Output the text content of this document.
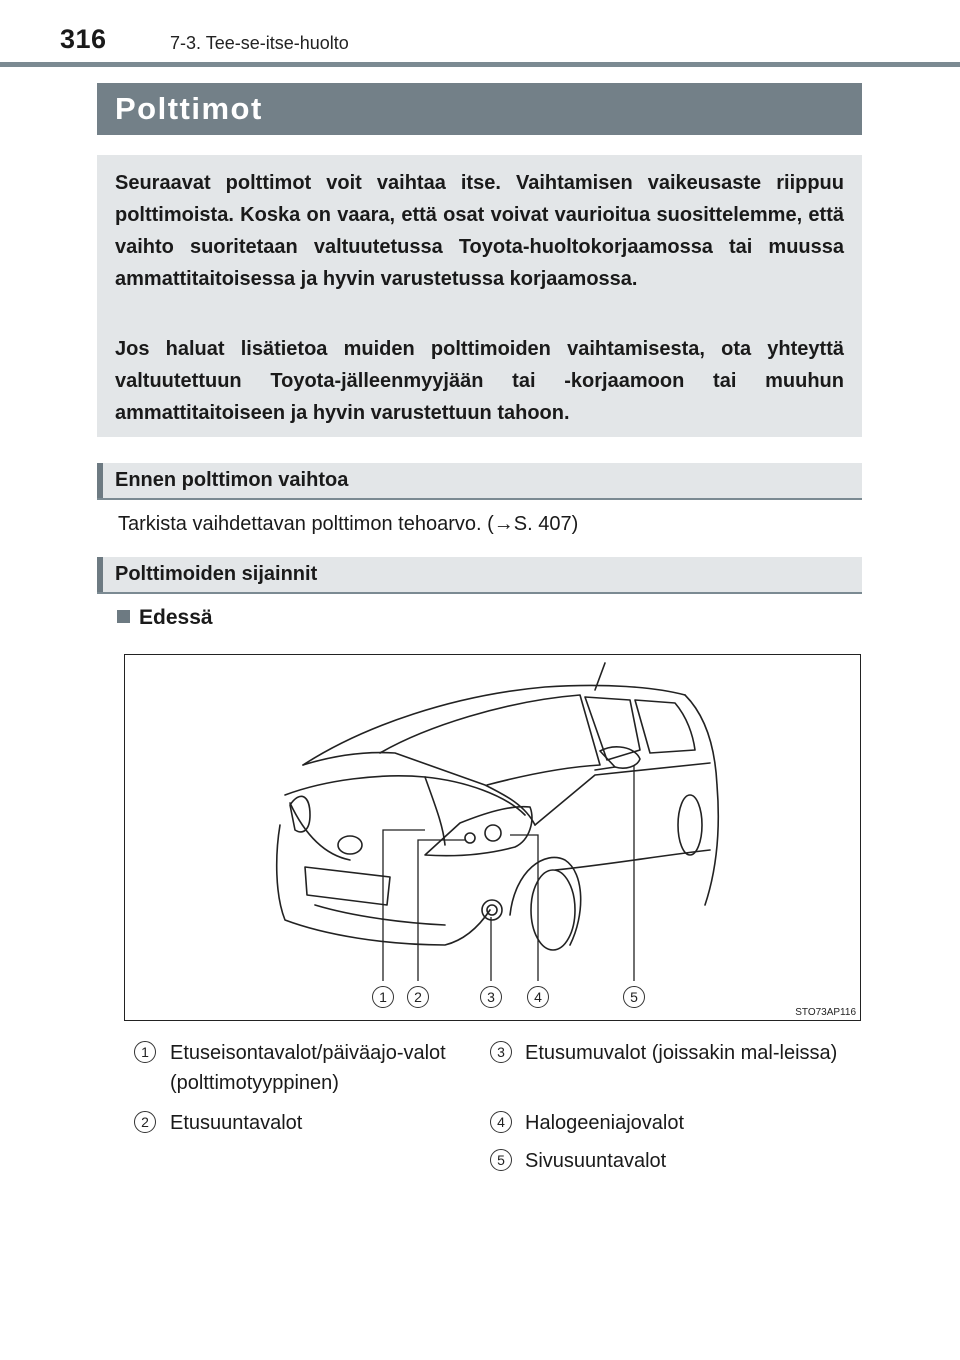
316	7-3. Tee-se-itse-huolto
Polttimot

Seuraavat polttimot voit vaihtaa itse. Vaihtamisen vaikeusaste riippuu polttimoista. Koska on vaara, että osat voivat vaurioitua suosittelemme, että vaihto suoritetaan valtuutetussa Toyota-huoltokorjaamossa tai muussa ammattitaitoisessa ja hyvin varustetussa korjaamossa.

Jos haluat lisätietoa muiden polttimoiden vaihtamisesta, ota yhteyttä valtuutettuun Toyota-jälleenmyyjään tai -korjaamoon tai muuhun ammattitaitoiseen ja hyvin varustettuun tahoon.

Ennen polttimon vaihtoa
Tarkista vaihdettavan polttimon tehoarvo. (→S. 407)
Polttimoiden sijainnit
Edessä
1	2	3	4	5
STO73AP116
1	Etuseisontavalot/päiväajo-valot (polttimotyyppinen)
2	Etusuuntavalot
3	Etusumuvalot (joissakin mal-leissa)
4	Halogeeniajovalot
5	Sivusuuntavalot
